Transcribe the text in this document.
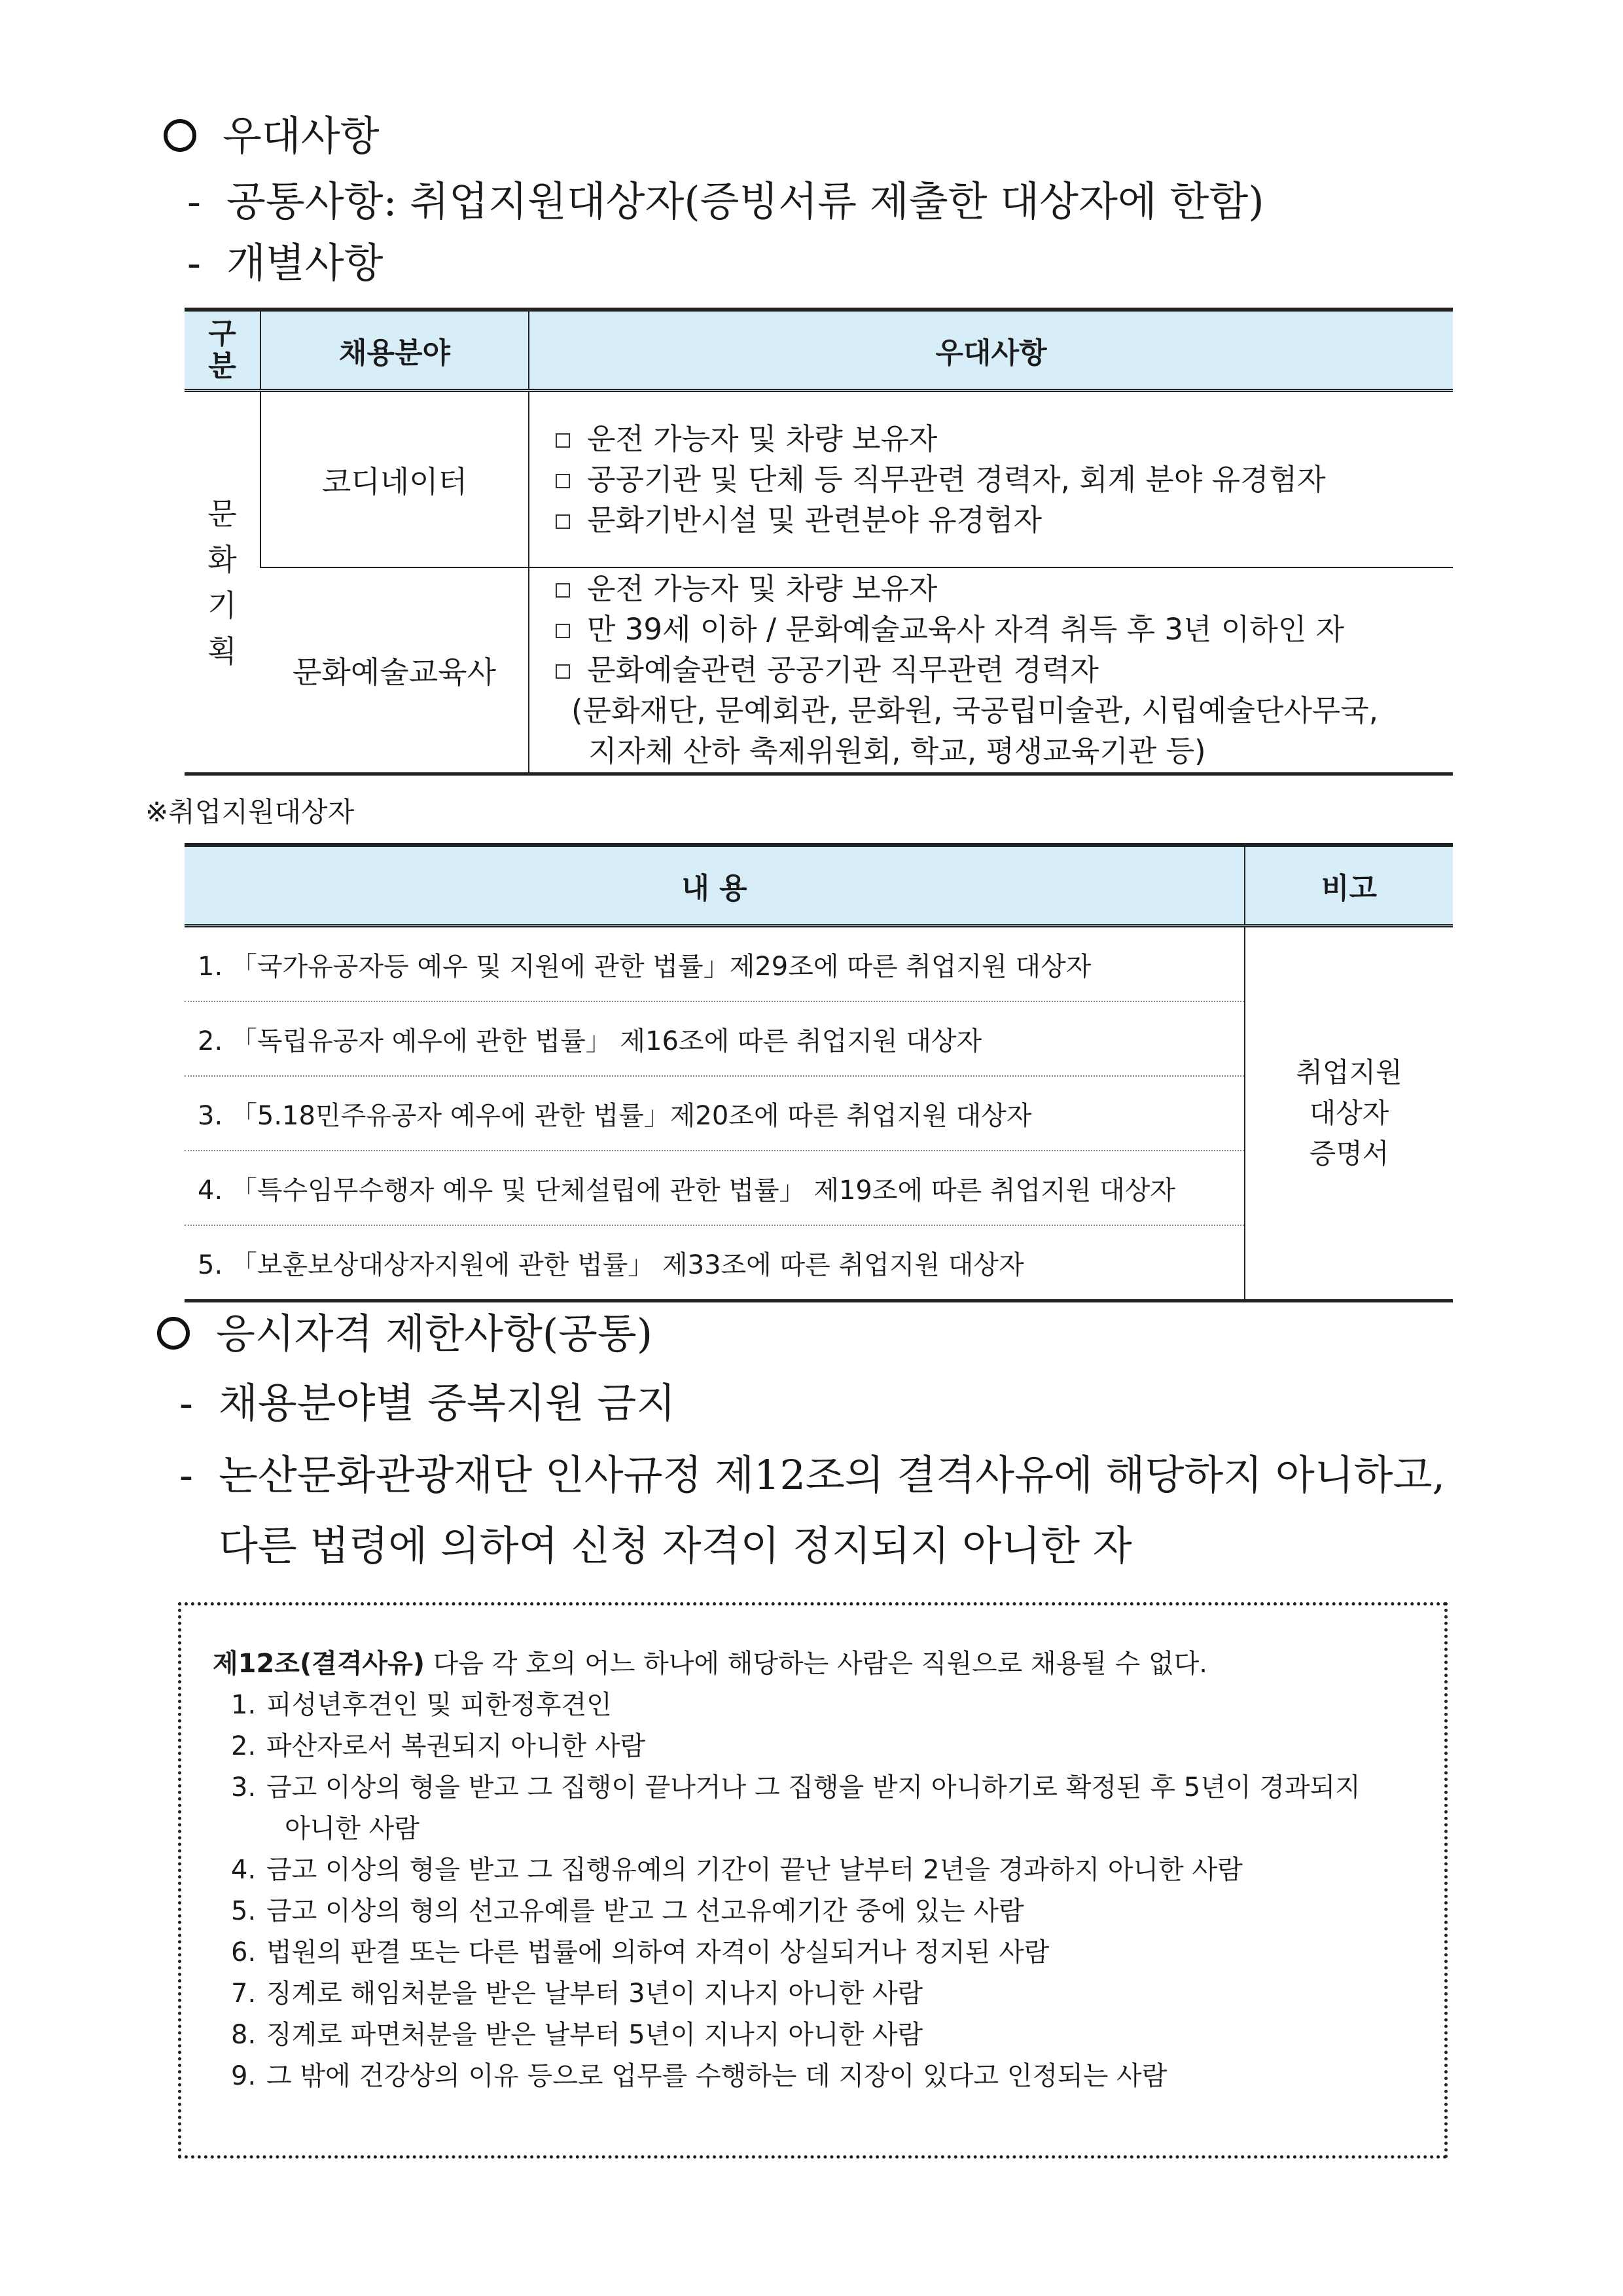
우대사항
- 공통사항: 취업지원대상자(증빙서류 제출한 대상자에 한함)
- 개별사항
구분	채용분야	우대사항
문화기획	코디네이터	운전 가능자 및 차량 보유자
공공기관 및 단체 등 직무관련 경력자, 회계 분야 유경험자
문화기반시설 및 관련분야 유경험자

	문화예술교육사	운전 가능자 및 차량 보유자
만 39세 이하 / 문화예술교육사 자격 취득 후 3년 이하인 자
문화예술관련 공공기관 직무관련 경력자
(문화재단, 문예회관, 문화원, 국공립미술관, 시립예술단사무국,
지자체 산하 축제위원회, 학교, 평생교육기관 등)
※취업지원대상자
내 용	비고
1. 「국가유공자등 예우 및 지원에 관한 법률」제29조에 따른 취업지원 대상자	취업지원
대상자
증명서

2. 「독립유공자 예우에 관한 법률」 제16조에 따른 취업지원 대상자	
3. 「5.18민주유공자 예우에 관한 법률」제20조에 따른 취업지원 대상자	
4. 「특수임무수행자 예우 및 단체설립에 관한 법률」 제19조에 따른 취업지원 대상자	
5. 「보훈보상대상자지원에 관한 법률」 제33조에 따른 취업지원 대상자	
응시자격 제한사항(공통)
- 채용분야별 중복지원 금지
- 논산문화관광재단 인사규정 제12조의 결격사유에 해당하지 아니하고,
다른 법령에 의하여 신청 자격이 정지되지 아니한 자
제12조(결격사유) 다음 각 호의 어느 하나에 해당하는 사람은 직원으로 채용될 수 없다.
1. 피성년후견인 및 피한정후견인
2. 파산자로서 복권되지 아니한 사람
3. 금고 이상의 형을 받고 그 집행이 끝나거나 그 집행을 받지 아니하기로 확정된 후 5년이 경과되지
아니한 사람
4. 금고 이상의 형을 받고 그 집행유예의 기간이 끝난 날부터 2년을 경과하지 아니한 사람
5. 금고 이상의 형의 선고유예를 받고 그 선고유예기간 중에 있는 사람
6. 법원의 판결 또는 다른 법률에 의하여 자격이 상실되거나 정지된 사람
7. 징계로 해임처분을 받은 날부터 3년이 지나지 아니한 사람
8. 징계로 파면처분을 받은 날부터 5년이 지나지 아니한 사람
9. 그 밖에 건강상의 이유 등으로 업무를 수행하는 데 지장이 있다고 인정되는 사람
